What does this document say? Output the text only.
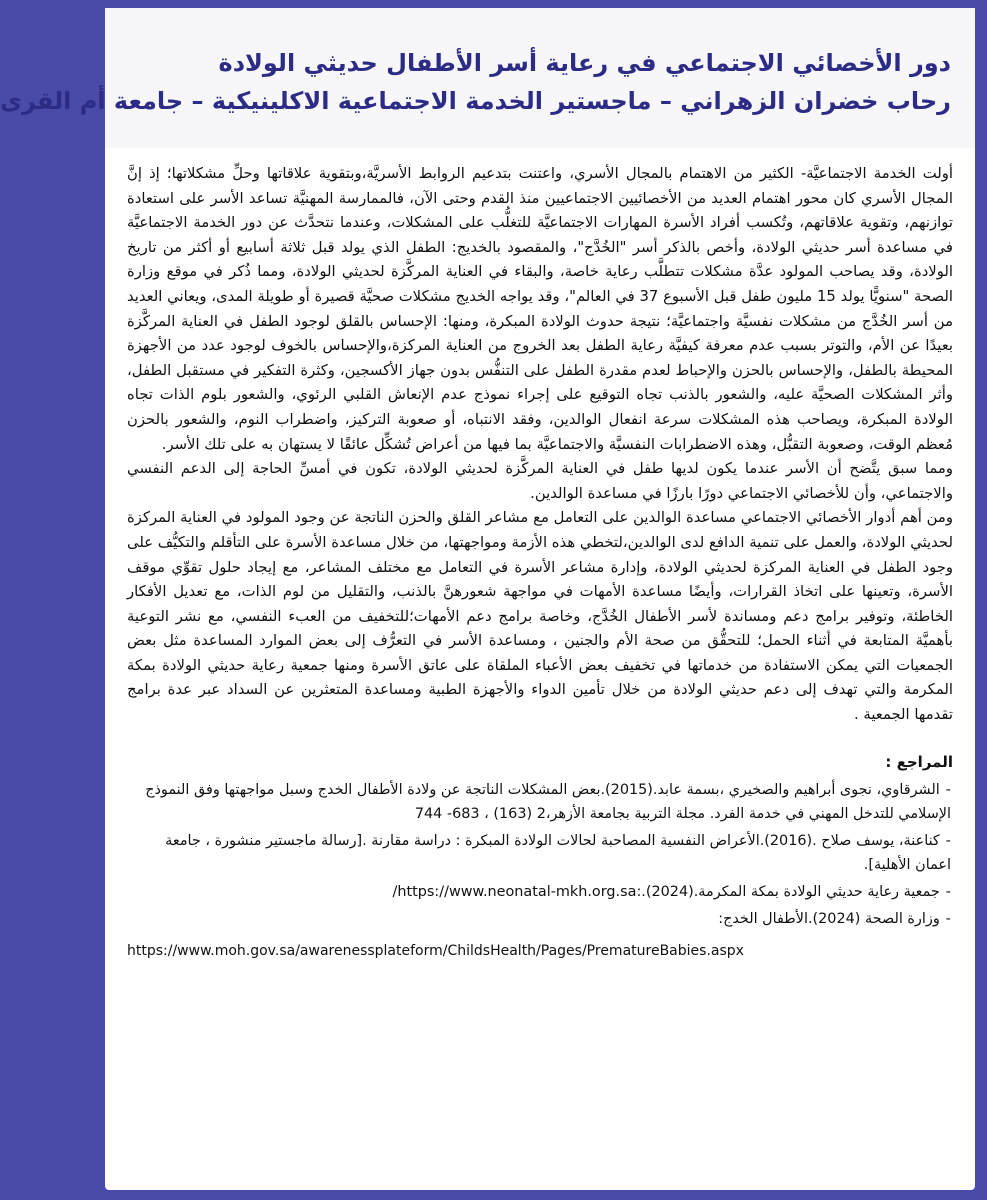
دور الأخصائي الاجتماعي في رعاية أسر الأطفال حديثي الولادة
رحاب خضران الزهراني – ماجستير الخدمة الاجتماعية الاكلينيكية – جامعة أم القرى

أولت الخدمة الاجتماعيَّة- الكثير من الاهتمام بالمجال الأسري، واعتنت بتدعيم الروابط الأسريَّة،وبتقوية علاقاتها وحلِّ مشكلاتها؛ إذ إنَّ المجال الأسري كان محور اهتمام العديد من الأخصائيين الاجتماعيين منذ القدم وحتى الآن، فالممارسة المهنيَّة تساعد الأسر على استعادة توازنهم، وتقوية علاقاتهم، وتُكسب أفراد الأسرة المهارات الاجتماعيَّة للتغلُّب على المشكلات، وعندما نتحدَّث عن دور الخدمة الاجتماعيَّة في مساعدة أسر حديثي الولادة، وأخص بالذكر أسر "الخُدَّج"، والمقصود بالخديج: الطفل الذي يولد قبل ثلاثة أسابيع أو أكثر من تاريخ الولادة، وقد يصاحب المولود عدَّة مشكلات تتطلَّب رعاية خاصة، والبقاء في العناية المركَّزة لحديثي الولادة، ومما ذُكر في موقع وزارة الصحة "سنويًّا يولد 15 مليون طفل قبل الأسبوع 37 في العالم"، وقد يواجه الخديج مشكلات صحيَّة قصيرة أو طويلة المدى، ويعاني العديد من أسر الخُدَّج من مشكلات نفسيَّة واجتماعيَّة؛ نتيجة حدوث الولادة المبكرة، ومنها: الإحساس بالقلق لوجود الطفل في العناية المركَّزة بعيدًا عن الأم، والتوتر بسبب عدم معرفة كيفيَّة رعاية الطفل بعد الخروج من العناية المركزة،والإحساس بالخوف لوجود عدد من الأجهزة المحيطة بالطفل، والإحساس بالحزن والإحباط لعدم مقدرة الطفل على التنفُّس بدون جهاز الأكسجين، وكثرة التفكير في مستقبل الطفل، وأثر المشكلات الصحيَّة عليه، والشعور بالذنب تجاه التوقيع على إجراء نموذج عدم الإنعاش القلبي الرئوي، والشعور بلوم الذات تجاه الولادة المبكرة، ويصاحب هذه المشكلات سرعة انفعال الوالدين، وفقد الانتباه، أو صعوبة التركيز، واضطراب النوم، والشعور بالحزن مُعظم الوقت، وصعوبة التقبُّل، وهذه الاضطرابات النفسيَّة والاجتماعيَّة بما فيها من أعراض تُشكِّل عائقًا لا يستهان به على تلك الأسر.

ومما سبق يتَّضح أن الأسر عندما يكون لديها طفل في العناية المركَّزة لحديثي الولادة، تكون في أمسِّ الحاجة إلى الدعم النفسي والاجتماعي، وأن للأخصائي الاجتماعي دورًا بارزًا في مساعدة الوالدين.

ومن أهم أدوار الأخصائي الاجتماعي مساعدة الوالدين على التعامل مع مشاعر القلق والحزن الناتجة عن وجود المولود في العناية المركزة لحديثي الولادة، والعمل على تنمية الدافع لدى الوالدين،لتخطي هذه الأزمة ومواجهتها، من خلال مساعدة الأسرة على التأقلم والتكيُّف على وجود الطفل في العناية المركزة لحديثي الولادة، وإدارة مشاعر الأسرة في التعامل مع مختلف المشاعر، مع إيجاد حلول تقوِّي موقف الأسرة، وتعينها على اتخاذ القرارات، وأيضًا مساعدة الأمهات في مواجهة شعورهنَّ بالذنب، والتقليل من لوم الذات، مع تعديل الأفكار الخاطئة، وتوفير برامج دعم ومساندة لأسر الأطفال الخُدَّج، وخاصة برامج دعم الأمهات؛للتخفيف من العبء النفسي، مع نشر التوعية بأهميَّة المتابعة في أثناء الحمل؛ للتحقُّق من صحة الأم والجنين ، ومساعدة الأسر في التعرُّف إلى بعض الموارد المساعدة مثل بعض الجمعيات التي يمكن الاستفادة من خدماتها في تخفيف بعض الأعباء الملقاة على عاتق الأسرة ومنها جمعية رعاية حديثي الولادة بمكة المكرمة والتي تهدف إلى دعم حديثي الولادة من خلال تأمين الدواء والأجهزة الطبية ومساعدة المتعثرين عن السداد عبر عدة برامج تقدمها الجمعية .

المراجع :
-الشرقاوي، نجوى أبراهيم والصخيري ،بسمة عابد.(2015).بعض المشكلات الناتجة عن ولادة الأطفال الخدج وسبل مواجهتها وفق النموذج الإسلامي للتدخل المهني في خدمة الفرد. مجلة التربية بجامعة الأزهر،2 (163) ، 683- 744
-كناعنة، يوسف صلاح .(2016).الأعراض النفسية المصاحبة لحالات الولادة المبكرة : دراسة مقارنة .[رسالة ماجستير منشورة ، جامعة اعمان الأهلية].
-جمعية رعاية حديثي الولادة بمكة المكرمة.(2024).:https://www.neonatal-mkh.org.sa/
-وزارة الصحة (2024).الأطفال الخدج:
https://www.moh.gov.sa/awarenessplateform/ChildsHealth/Pages/PrematureBabies.aspx
